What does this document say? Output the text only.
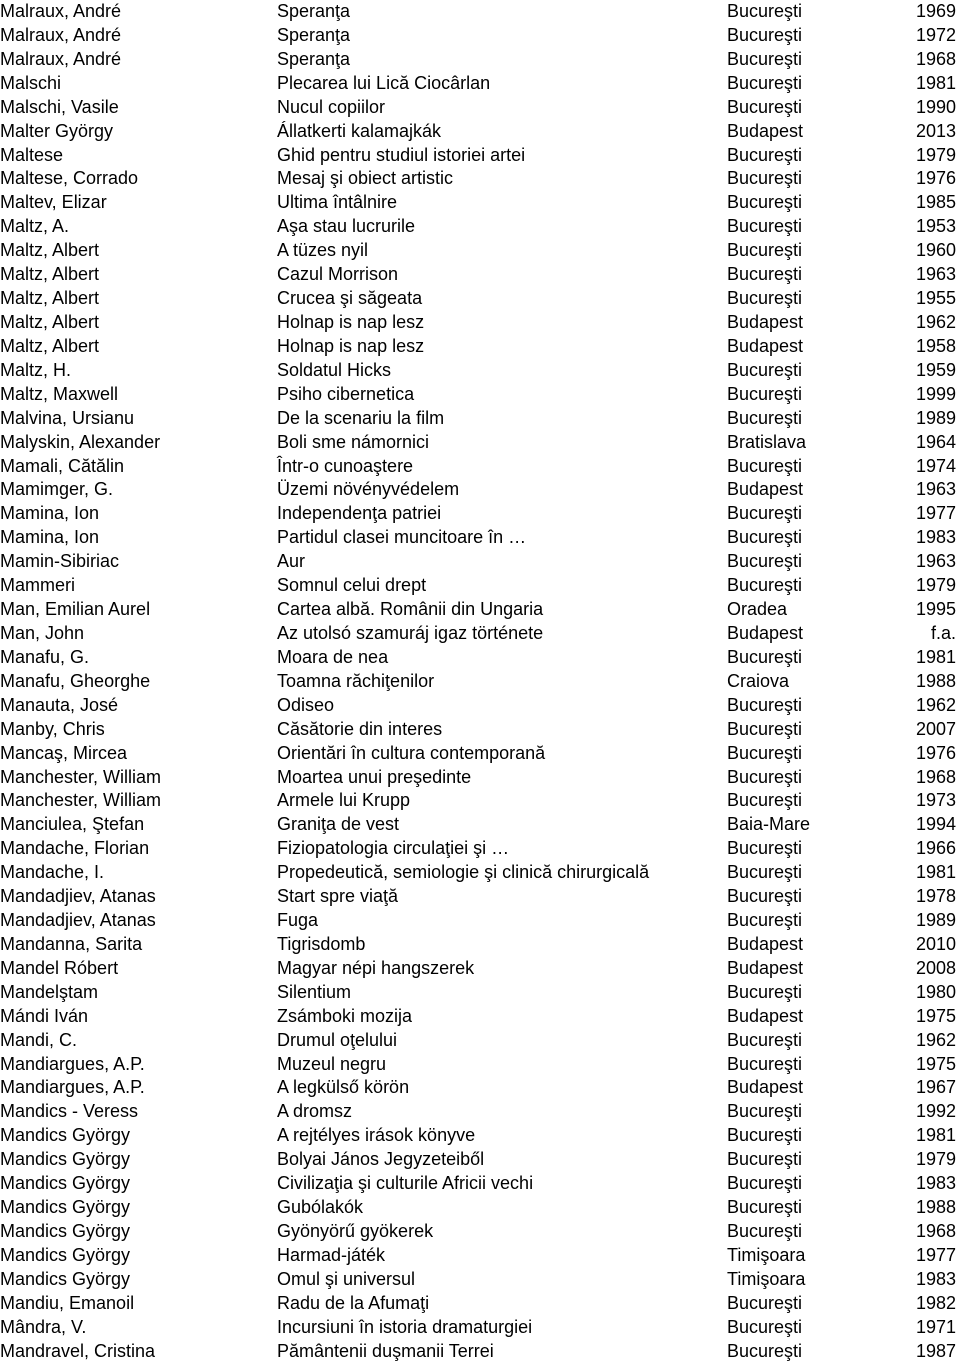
Malraux, André	Speranţa	Bucureşti	1969
Malraux, André	Speranţa	Bucureşti	1972
Malraux, André	Speranţa	Bucureşti	1968
Malschi	Plecarea lui Lică Ciocârlan	Bucureşti	1981
Malschi, Vasile	Nucul copiilor	Bucureşti	1990
Malter György	Állatkerti kalamajkák	Budapest	2013
Maltese	Ghid pentru studiul istoriei artei	Bucureşti	1979
Maltese, Corrado	Mesaj şi obiect artistic	Bucureşti	1976
Maltev, Elizar	Ultima întâlnire	Bucureşti	1985
Maltz, A.	Aşa stau lucrurile	Bucureşti	1953
Maltz, Albert	A tüzes nyil	Bucureşti	1960
Maltz, Albert	Cazul Morrison	Bucureşti	1963
Maltz, Albert	Crucea şi săgeata	Bucureşti	1955
Maltz, Albert	Holnap is nap lesz	Budapest	1962
Maltz, Albert	Holnap is nap lesz	Budapest	1958
Maltz, H.	Soldatul Hicks	Bucureşti	1959
Maltz, Maxwell	Psiho cibernetica	Bucureşti	1999
Malvina, Ursianu	De la scenariu la film	Bucureşti	1989
Malyskin, Alexander	Boli sme námornici	Bratislava	1964
Mamali, Cătălin	Într-o cunoaştere	Bucureşti	1974
Mamimger, G.	Üzemi növényvédelem	Budapest	1963
Mamina, Ion	Independenţa patriei	Bucureşti	1977
Mamina, Ion	Partidul clasei muncitoare în …	Bucureşti	1983
Mamin-Sibiriac	Aur	Bucureşti	1963
Mammeri	Somnul celui drept	Bucureşti	1979
Man, Emilian Aurel	Cartea albă. Românii din Ungaria	Oradea	1995
Man, John	Az utolsó szamuráj igaz története	Budapest	f.a.
Manafu, G.	Moara de nea	Bucureşti	1981
Manafu, Gheorghe	Toamna răchiţenilor	Craiova	1988
Manauta, José	Odiseo	Bucureşti	1962
Manby, Chris	Căsătorie din interes	Bucureşti	2007
Mancaş, Mircea	Orientări în cultura contemporană	Bucureşti	1976
Manchester, William	Moartea unui preşedinte	Bucureşti	1968
Manchester, William	Armele lui Krupp	Bucureşti	1973
Manciulea, Ştefan	Graniţa de vest	Baia-Mare	1994
Mandache, Florian	Fiziopatologia circulaţiei şi …	Bucureşti	1966
Mandache, I.	Propedeutică, semiologie şi clinică chirurgicală	Bucureşti	1981
Mandadjiev, Atanas	Start spre viaţă	Bucureşti	1978
Mandadjiev, Atanas	Fuga	Bucureşti	1989
Mandanna, Sarita	Tigrisdomb	Budapest	2010
Mandel Róbert	Magyar népi hangszerek	Budapest	2008
Mandelştam	Silentium	Bucureşti	1980
Mándi Iván	Zsámboki mozija	Budapest	1975
Mandi, C.	Drumul oţelului	Bucureşti	1962
Mandiargues, A.P.	Muzeul negru	Bucureşti	1975
Mandiargues, A.P.	A legkülső körön	Budapest	1967
Mandics - Veress	A dromsz	Bucureşti	1992
Mandics György	A rejtélyes irások könyve	Bucureşti	1981
Mandics György	Bolyai János Jegyzeteiből	Bucureşti	1979
Mandics György	Civilizaţia şi culturile Africii vechi	Bucureşti	1983
Mandics György	Gubólakók	Bucureşti	1988
Mandics György	Gyönyörű gyökerek	Bucureşti	1968
Mandics György	Harmad-játék	Timişoara	1977
Mandics György	Omul şi universul	Timişoara	1983
Mandiu, Emanoil	Radu de la Afumaţi	Bucureşti	1982
Mândra, V.	Incursiuni în istoria dramaturgiei	Bucureşti	1971
Mandravel, Cristina	Pământenii duşmanii Terrei	Bucureşti	1987
